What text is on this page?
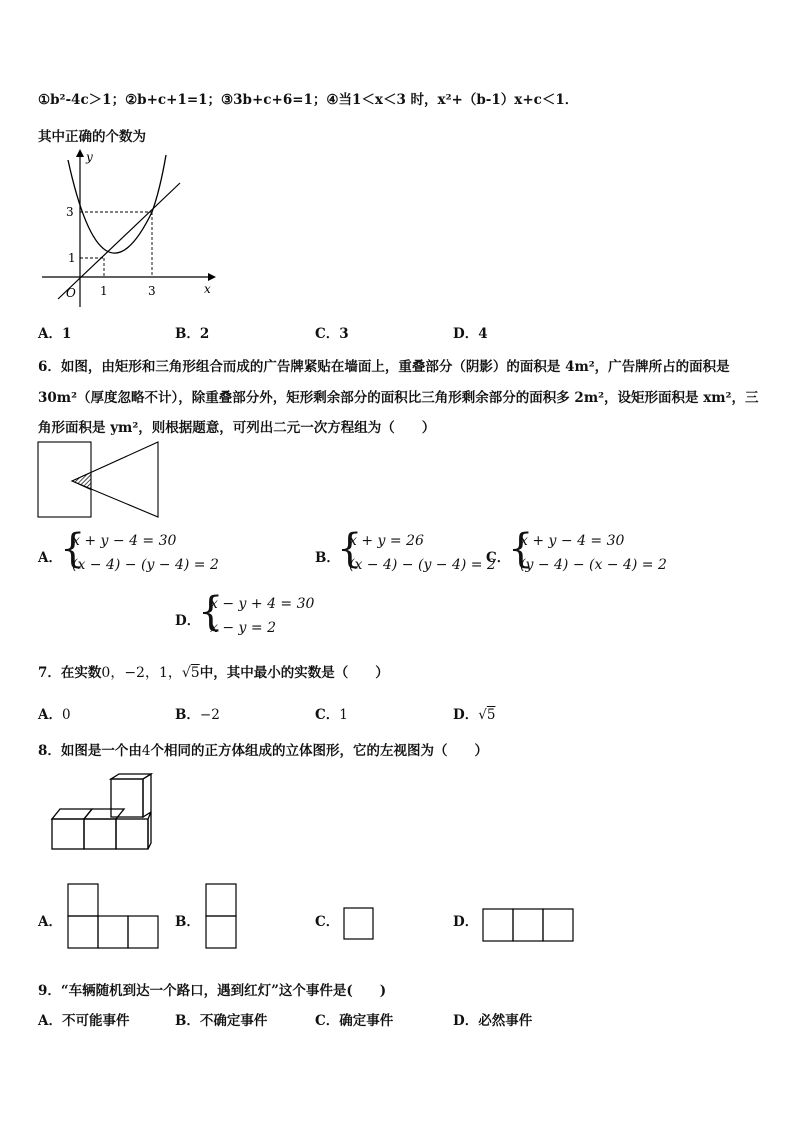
①b²-4c＞1；②b+c+1=1；③3b+c+6=1；④当1＜x＜3 时，x²+（b-1）x+c＜1．
其中正确的个数为
y
x
O 1	3
1
3
A．1	B．2	C．3	D．4
6．如图，由矩形和三角形组合而成的广告牌紧贴在墙面上，重叠部分（阴影）的面积是 4m²，广告牌所占的面积是
30m²（厚度忽略不计），除重叠部分外，矩形剩余部分的面积比三角形剩余部分的面积多 2m²，设矩形面积是 xm²，三
角形面积是 ym²，则根据题意，可列出二元一次方程组为（　　）
A．
{
x + y − 4 = 30
(x − 4) − (y − 4) = 2	B．
{
x + y = 26
(x − 4) − (y − 4) = 2
C．
{
x + y − 4 = 30
(y − 4) − (x − 4) = 2
D．
{
x − y + 4 = 30
x − y = 2
7．在实数0，−2，1，√5中，其中最小的实数是（　　）
A．0	B．−2	C．1	D．√5
8．如图是一个由4个相同的正方体组成的立体图形，它的左视图为（　　）
A．	B．	C．	D．
9．“车辆随机到达一个路口，遇到红灯”这个事件是(　　)
A．不可能事件	B．不确定事件	C．确定事件	D．必然事件
